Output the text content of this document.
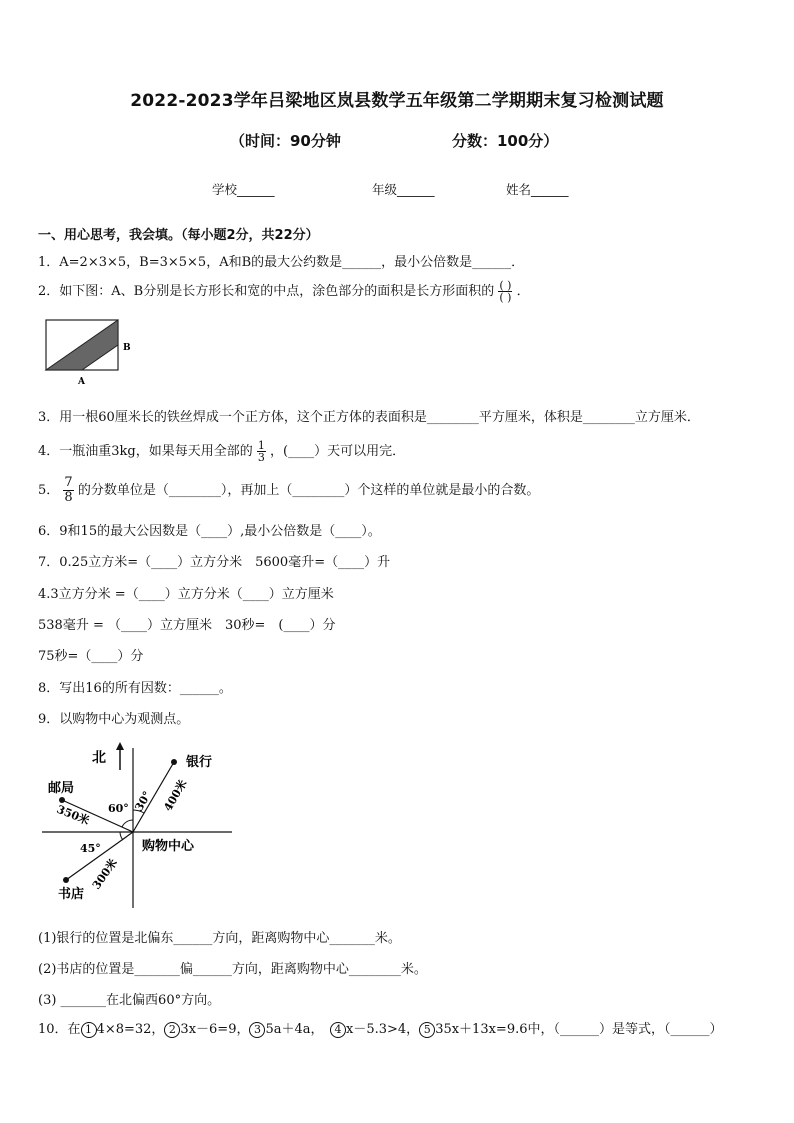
2022-2023学年吕梁地区岚县数学五年级第二学期期末复习检测试题
（时间：90分钟	分数：100分）
学校______	年级______	姓名______
一、用心思考，我会填。（每小题2分，共22分）
1．A=2×3×5，B=3×5×5，A和B的最大公约数是______，最小公倍数是______．
2．如下图：A、B分别是长方形长和宽的中点，涂色部分的面积是长方形面积的 $\frac{( )}{( )}$ ．
B
A
3．用一根60厘米长的铁丝焊成一个正方体，这个正方体的表面积是________平方厘米，体积是________立方厘米．
4．一瓶油重3kg，如果每天用全部的 $\frac{1}{3}$ ，(____）天可以用完．
5． $\frac{7}{8}$ 的分数单位是（________），再加上（________）个这样的单位就是最小的合数。
6．9和15的最大公因数是（____）,最小公倍数是（____）。
7．0.25立方米=（____）立方分米　5600毫升=（____）升
4.3立方分米 =（____）立方分米（____）立方厘米
538毫升 = （____）立方厘米　30秒=　(____）分
75秒=（____）分
8．写出16的所有因数：______。
9．以购物中心为观测点。
北	银行
400米
30°
邮局
350米 60°
书店
300米
45°	购物中心
(1)银行的位置是北偏东______方向，距离购物中心_______米。
(2)书店的位置是_______偏______方向，距离购物中心________米。
(3) _______在北偏西60°方向。
10．在 1 4×8=32， 2 3x－6=9， 3 5a＋4a，　4 x－5.3>4， 5 35x＋13x=9.6中，（______）是等式，（______）
